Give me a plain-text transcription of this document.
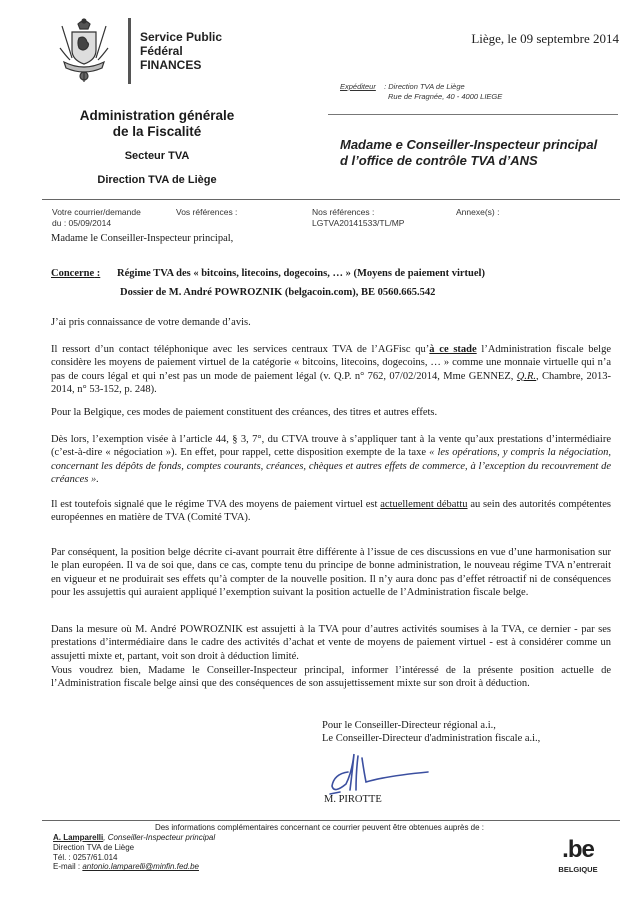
Service Public
Fédéral
FINANCES
Liège, le 09 septembre 2014
Administration générale
de la Fiscalité
Secteur TVA
Direction TVA de Liège
Expéditeur : Direction TVA de Liège
Rue de Fragnée, 40 - 4000 LIEGE
Madame e Conseiller-Inspecteur principal
d l’office de contrôle TVA d’ANS
Votre courrier/demande
du : 05/09/2014
Vos références :	Nos références :
LGTVA20141533/TL/MP
Annexe(s) :
Madame le Conseiller-Inspecteur principal,
Concerne : Régime TVA des « bitcoins, litecoins, dogecoins, … » (Moyens de paiement virtuel)
Dossier de M. André POWROZNIK (belgacoin.com), BE 0560.665.542
J’ai pris connaissance de votre demande d’avis.
Il ressort d’un contact téléphonique avec les services centraux TVA de l’AGFisc qu’à ce stade l’Administration fiscale belge considère les moyens de paiement virtuel de la catégorie « bitcoins, litecoins, dogecoins, … » comme une monnaie virtuelle qui n’a pas de cours légal et qui n’est pas un mode de paiement légal (v. Q.P. n° 762, 07/02/2014, Mme GENNEZ, Q.R., Chambre, 2013-2014, n° 53-152, p. 248).
Pour la Belgique, ces modes de paiement constituent des créances, des titres et autres effets.
Dès lors, l’exemption visée à l’article 44, § 3, 7°, du CTVA trouve à s’appliquer tant à la vente qu’aux prestations d’intermédiaire (c’est-à-dire « négociation »). En effet, pour rappel, cette disposition exempte de la taxe « les opérations, y compris la négociation, concernant les dépôts de fonds, comptes courants, créances, chèques et autres effets de commerce, à l’exception du recouvrement de créances ».
Il est toutefois signalé que le régime TVA des moyens de paiement virtuel est actuellement débattu au sein des autorités compétentes européennes en matière de TVA (Comité TVA).
Par conséquent, la position belge décrite ci-avant pourrait être différente à l’issue de ces discussions en vue d’une harmonisation sur le plan européen. Il va de soi que, dans ce cas, compte tenu du principe de bonne administration, le nouveau régime TVA n’entrerait en vigueur et ne produirait ses effets qu’à compter de la nouvelle position. Il n’y aura donc pas d’effet rétroactif ni de conséquences pour les assujettis qui auraient appliqué l’exemption suivant la position actuelle de l’Administration fiscale belge.
Dans la mesure où M. André POWROZNIK est assujetti à la TVA pour d’autres activités soumises à la TVA, ce dernier - par ses prestations d’intermédiaire dans le cadre des activités d’achat et vente de moyens de paiement virtuel - est à considérer comme un assujetti mixte et, partant, voit son droit à déduction limité.
Vous voudrez bien, Madame le Conseiller-Inspecteur principal, informer l’intéressé de la présente position actuelle de l’Administration fiscale belge ainsi que des conséquences de son assujettissement mixte sur son droit à déduction.
Pour le Conseiller-Directeur régional a.i.,
Le Conseiller-Directeur d'administration fiscale a.i.,
M. PIROTTE
Des informations complémentaires concernant ce courrier peuvent être obtenues auprès de :
A. Lamparelli, Conseiller-Inspecteur principal
Direction TVA de Liège
Tél. : 0257/61.014
E-mail : antonio.lamparelli@minfin.fed.be
.be
BELGIQUE
